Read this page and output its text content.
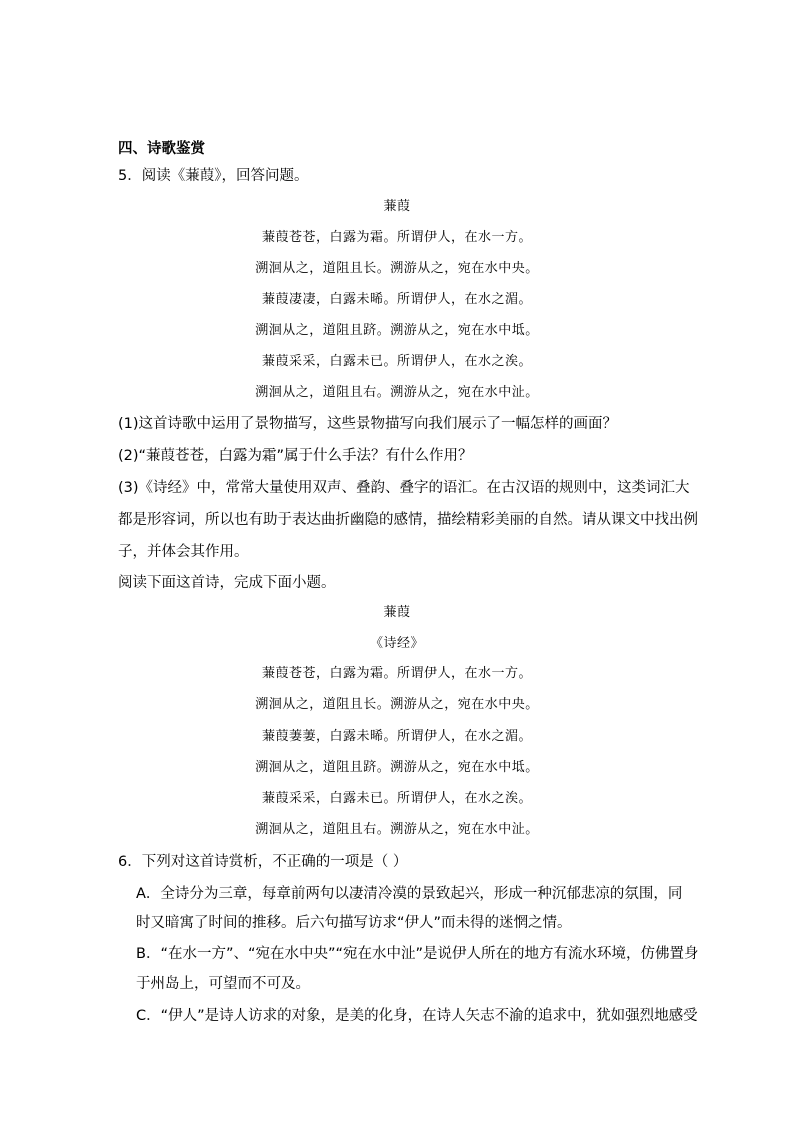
四、诗歌鉴赏
5．阅读《蒹葭》，回答问题。
蒹葭
蒹葭苍苍，白露为霜。所谓伊人，在水一方。
溯洄从之，道阻且长。溯游从之，宛在水中央。
蒹葭凄凄，白露未晞。所谓伊人，在水之湄。
溯洄从之，道阻且跻。溯游从之，宛在水中坻。
蒹葭采采，白露未已。所谓伊人，在水之涘。
溯洄从之，道阻且右。溯游从之，宛在水中沚。
(1)这首诗歌中运用了景物描写，这些景物描写向我们展示了一幅怎样的画面？
(2)“蒹葭苍苍，白露为霜”属于什么手法？有什么作用？
(3)《诗经》中，常常大量使用双声、叠韵、叠字的语汇。在古汉语的规则中，这类词汇大
都是形容词，所以也有助于表达曲折幽隐的感情，描绘精彩美丽的自然。请从课文中找出例
子，并体会其作用。
阅读下面这首诗，完成下面小题。
蒹葭
《诗经》
蒹葭苍苍，白露为霜。所谓伊人，在水一方。
溯洄从之，道阻且长。溯游从之，宛在水中央。
蒹葭萋萋，白露未晞。所谓伊人，在水之湄。
溯洄从之，道阻且跻。溯游从之，宛在水中坻。
蒹葭采采，白露未已。所谓伊人，在水之涘。
溯洄从之，道阻且右。溯游从之，宛在水中沚。
6．下列对这首诗赏析，不正确的一项是（ ）
A．全诗分为三章，每章前两句以凄清冷漠的景致起兴，形成一种沉郁悲凉的氛围，同
时又暗寓了时间的推移。后六句描写访求“伊人”而未得的迷惘之情。
B．“在水一方”、“宛在水中央”“宛在水中沚”是说伊人所在的地方有流水环境，仿佛置身
于州岛上，可望而不可及。
C．“伊人”是诗人访求的对象，是美的化身，在诗人矢志不渝的追求中，犹如强烈地感受
